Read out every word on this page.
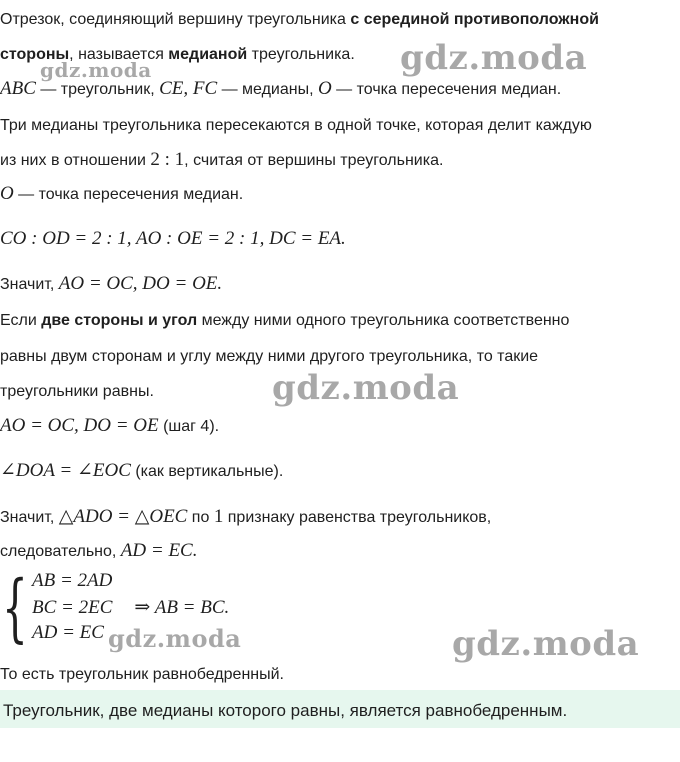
gdz.moda	gdz.moda
gdz.moda
gdz.moda
gdz.moda
Отрезок, соединяющий вершину треугольника с серединой противоположной
стороны, называется медианой треугольника.
ABC — треугольник, CE, FC — медианы, O — точка пересечения медиан.
Три медианы треугольника пересекаются в одной точке, которая делит каждую
из них в отношении 2 : 1, считая от вершины треугольника.
O — точка пересечения медиан.
CO : OD = 2 : 1, AO : OE = 2 : 1, DC = EA.
Значит, AO = OC, DO = OE.
Если две стороны и угол между ними одного треугольника соответственно
равны двум сторонам и углу между ними другого треугольника, то такие
треугольники равны.
AO = OC, DO = OE (шаг 4).
∠DOA = ∠EOC (как вертикальные).
Значит, △ADO = △OEC по 1 признаку равенства треугольников,
следовательно, AD = EC.
{ AB = 2AD
BC = 2EC ⇒ AB = BC.
AD = EC
То есть треугольник равнобедренный.
Треугольник, две медианы которого равны, является равнобедренным.
